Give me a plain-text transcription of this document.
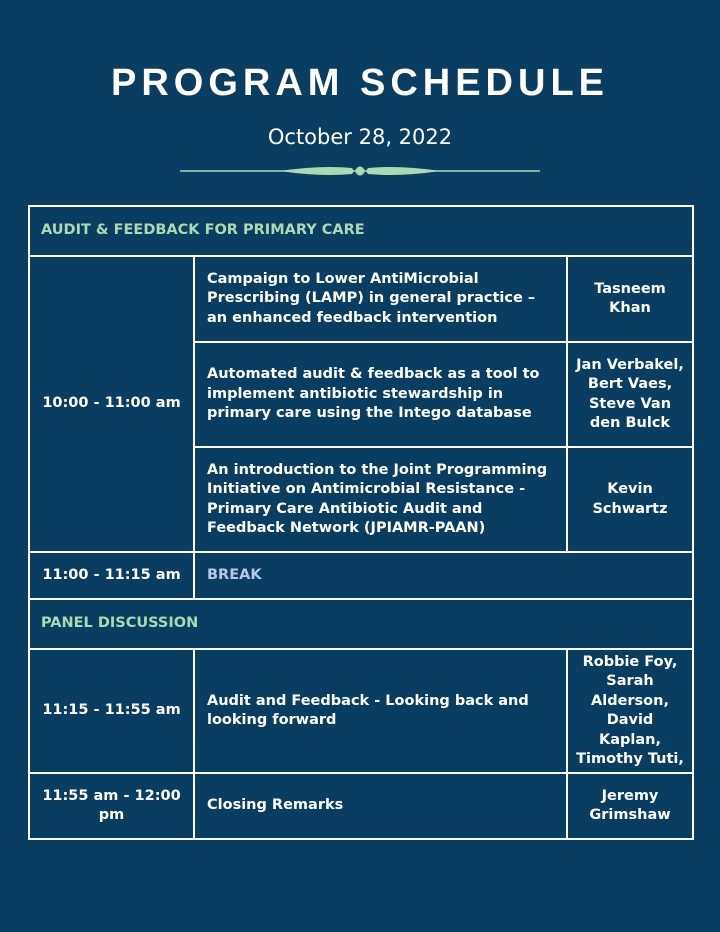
PROGRAM SCHEDULE
October 28, 2022
AUDIT & FEEDBACK FOR PRIMARY CARE		
10:00 - 11:00 am	Campaign to Lower AntiMicrobial Prescribing (LAMP) in general practice – an enhanced feedback intervention	Tasneem Khan
	Automated audit & feedback as a tool to implement antibiotic stewardship in primary care using the Intego database	Jan Verbakel, Bert Vaes, Steve Van den Bulck
	An introduction to the Joint Programming Initiative on Antimicrobial Resistance - Primary Care Antibiotic Audit and Feedback Network (JPIAMR-PAAN)	Kevin Schwartz
11:00 - 11:15 am	BREAK	
PANEL DISCUSSION		
11:15 - 11:55 am	Audit and Feedback - Looking back and looking forward	Robbie Foy, Sarah Alderson, David Kaplan, Timothy Tuti,
11:55 am - 12:00 pm	Closing Remarks	Jeremy Grimshaw
